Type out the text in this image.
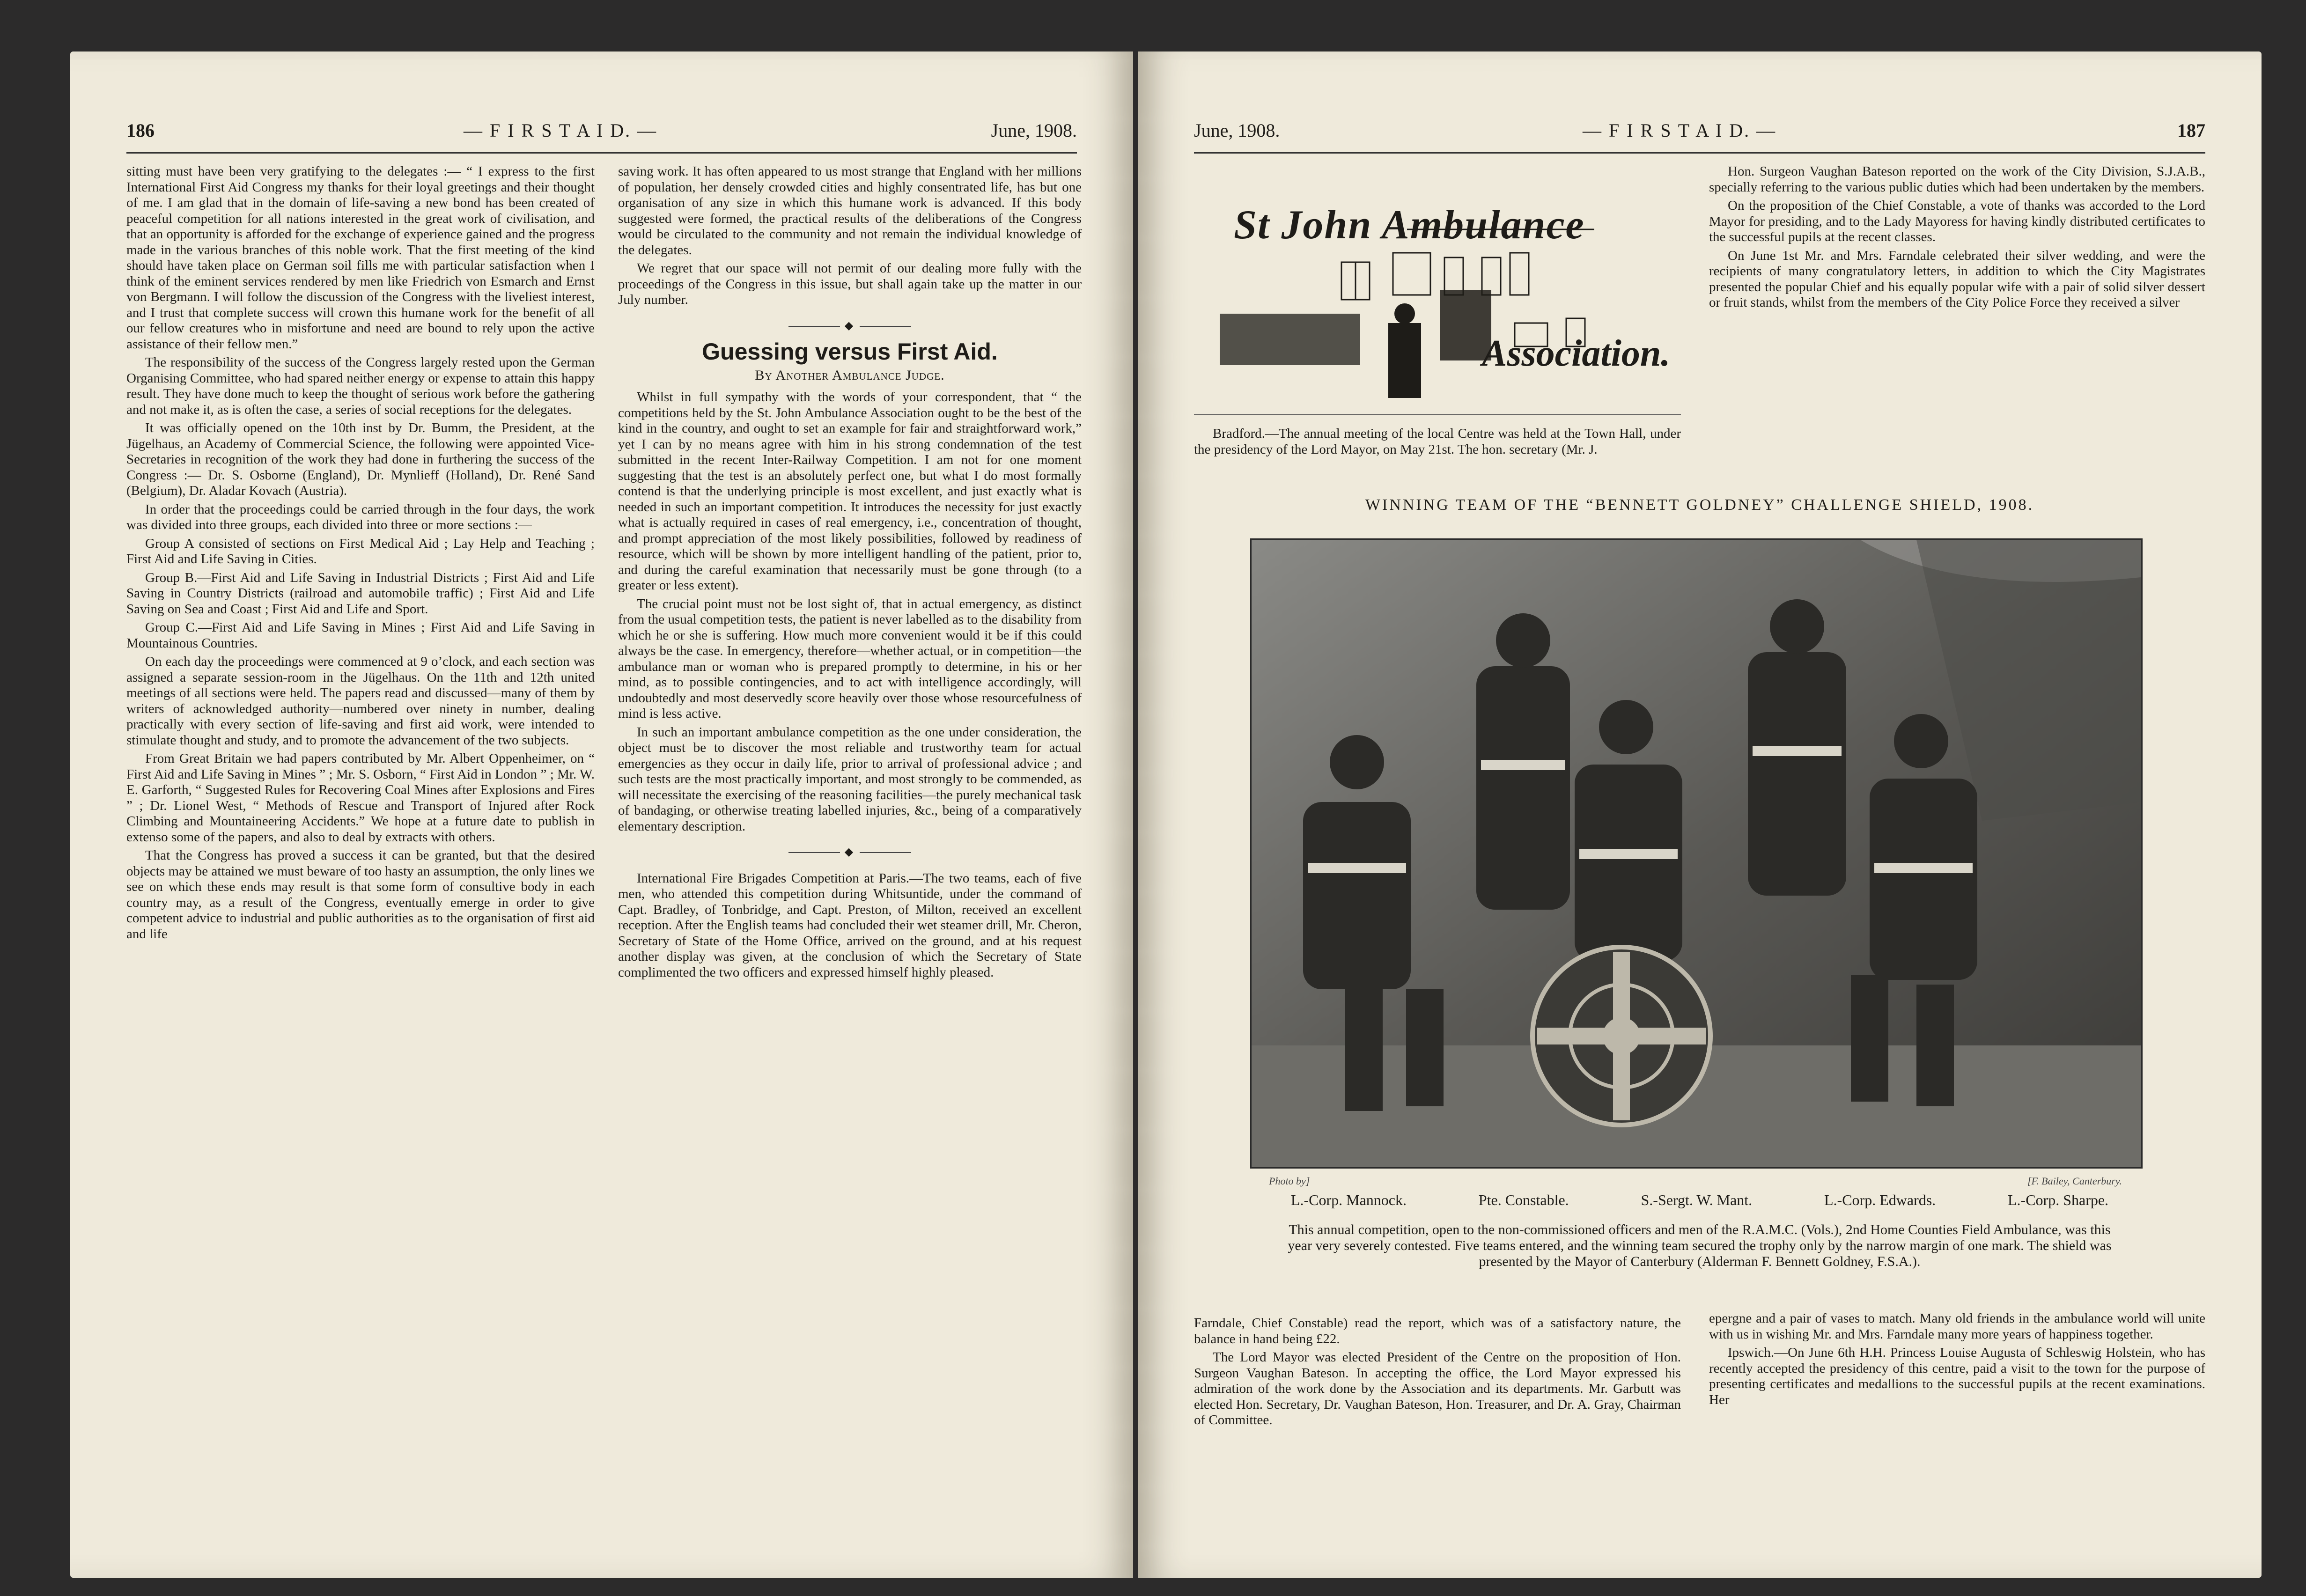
186	— F I R S T A I D. —	June, 1908.

sitting must have been very gratifying to the delegates :— “ I express to the first International First Aid Congress my thanks for their loyal greetings and their thought of me. I am glad that in the domain of life-saving a new bond has been created of peaceful competition for all nations interested in the great work of civilisation, and that an opportunity is afforded for the exchange of experience gained and the progress made in the various branches of this noble work. That the first meeting of the kind should have taken place on German soil fills me with particular satisfaction when I think of the eminent services rendered by men like Friedrich von Esmarch and Ernst von Bergmann. I will follow the discussion of the Congress with the liveliest interest, and I trust that complete success will crown this humane work for the benefit of all our fellow creatures who in misfortune and need are bound to rely upon the active assistance of their fellow men.”

The responsibility of the success of the Congress largely rested upon the German Organising Committee, who had spared neither energy or expense to attain this happy result. They have done much to keep the thought of serious work before the gathering and not make it, as is often the case, a series of social receptions for the delegates.

It was officially opened on the 10th inst by Dr. Bumm, the President, at the Jügelhaus, an Academy of Commercial Science, the following were appointed Vice-Secretaries in recognition of the work they had done in furthering the success of the Congress :— Dr. S. Osborne (England), Dr. Mynlieff (Holland), Dr. René Sand (Belgium), Dr. Aladar Kovach (Austria).

In order that the proceedings could be carried through in the four days, the work was divided into three groups, each divided into three or more sections :—

Group A consisted of sections on First Medical Aid ; Lay Help and Teaching ; First Aid and Life Saving in Cities.

Group B.—First Aid and Life Saving in Industrial Districts ; First Aid and Life Saving in Country Districts (railroad and automobile traffic) ; First Aid and Life Saving on Sea and Coast ; First Aid and Life and Sport.

Group C.—First Aid and Life Saving in Mines ; First Aid and Life Saving in Mountainous Countries.

On each day the proceedings were commenced at 9 o’clock, and each section was assigned a separate session-room in the Jügelhaus. On the 11th and 12th united meetings of all sections were held. The papers read and discussed—many of them by writers of acknowledged authority—numbered over ninety in number, dealing practically with every section of life-saving and first aid work, were intended to stimulate thought and study, and to promote the advancement of the two subjects.

From Great Britain we had papers contributed by Mr. Albert Oppenheimer, on “ First Aid and Life Saving in Mines ” ; Mr. S. Osborn, “ First Aid in London ” ; Mr. W. E. Garforth, “ Suggested Rules for Recovering Coal Mines after Explosions and Fires ” ; Dr. Lionel West, “ Methods of Rescue and Transport of Injured after Rock Climbing and Mountaineering Accidents.” We hope at a future date to publish in extenso some of the papers, and also to deal by extracts with others.

That the Congress has proved a success it can be granted, but that the desired objects may be attained we must beware of too hasty an assumption, the only lines we see on which these ends may result is that some form of consultive body in each country may, as a result of the Congress, eventually emerge in order to give competent advice to industrial and public authorities as to the organisation of first aid and life

saving work. It has often appeared to us most strange that England with her millions of population, her densely crowded cities and highly consentrated life, has but one organisation of any size in which this humane work is advanced. If this body suggested were formed, the practical results of the deliberations of the Congress would be circulated to the community and not remain the individual knowledge of the delegates.

We regret that our space will not permit of our dealing more fully with the proceedings of the Congress in this issue, but shall again take up the matter in our July number.

◆
Guessing versus First Aid.
By Another Ambulance Judge.

Whilst in full sympathy with the words of your correspondent, that “ the competitions held by the St. John Ambulance Association ought to be the best of the kind in the country, and ought to set an example for fair and straightforward work,” yet I can by no means agree with him in his strong condemnation of the test submitted in the recent Inter-Railway Competition. I am not for one moment suggesting that the test is an absolutely perfect one, but what I do most formally contend is that the underlying principle is most excellent, and just exactly what is needed in such an important competition. It introduces the necessity for just exactly what is actually required in cases of real emergency, i.e., concentration of thought, and prompt appreciation of the most likely possibilities, followed by readiness of resource, which will be shown by more intelligent handling of the patient, prior to, and during the careful examination that necessarily must be gone through (to a greater or less extent).

The crucial point must not be lost sight of, that in actual emergency, as distinct from the usual competition tests, the patient is never labelled as to the disability from which he or she is suffering. How much more convenient would it be if this could always be the case. In emergency, therefore—whether actual, or in competition—the ambulance man or woman who is prepared promptly to determine, in his or her mind, as to possible contingencies, and to act with intelligence accordingly, will undoubtedly and most deservedly score heavily over those whose resourcefulness of mind is less active.

In such an important ambulance competition as the one under consideration, the object must be to discover the most reliable and trustworthy team for actual emergencies as they occur in daily life, prior to arrival of professional advice ; and such tests are the most practically important, and most strongly to be commended, as will necessitate the exercising of the reasoning facilities—the purely mechanical task of bandaging, or otherwise treating labelled injuries, &c., being of a comparatively elementary description.

◆

International Fire Brigades Competition at Paris.—The two teams, each of five men, who attended this competition during Whitsuntide, under the command of Capt. Bradley, of Tonbridge, and Capt. Preston, of Milton, received an excellent reception. After the English teams had concluded their wet steamer drill, Mr. Cheron, Secretary of State of the Home Office, arrived on the ground, and at his request another display was given, at the conclusion of which the Secretary of State complimented the two officers and expressed himself highly pleased.

June, 1908.	— F I R S T A I D. —	187
St John Ambulance
Association.

Bradford.—The annual meeting of the local Centre was held at the Town Hall, under the presidency of the Lord Mayor, on May 21st. The hon. secretary (Mr. J.

Hon. Surgeon Vaughan Bateson reported on the work of the City Division, S.J.A.B., specially referring to the various public duties which had been undertaken by the members.

On the proposition of the Chief Constable, a vote of thanks was accorded to the Lord Mayor for presiding, and to the Lady Mayoress for having kindly distributed certificates to the successful pupils at the recent classes.

On June 1st Mr. and Mrs. Farndale celebrated their silver wedding, and were the recipients of many congratulatory letters, in addition to which the City Magistrates presented the popular Chief and his equally popular wife with a pair of solid silver dessert or fruit stands, whilst from the members of the City Police Force they received a silver

WINNING TEAM OF THE “BENNETT GOLDNEY” CHALLENGE SHIELD, 1908.
Photo by]	[F. Bailey, Canterbury.
L.-Corp. Mannock.	Pte. Constable.	S.-Sergt. W. Mant.	L.-Corp. Edwards.	L.-Corp. Sharpe.
This annual competition, open to the non-commissioned officers and men of the R.A.M.C. (Vols.), 2nd Home Counties Field Ambulance, was this year very severely contested. Five teams entered, and the winning team secured the trophy only by the narrow margin of one mark. The shield was presented by the Mayor of Canterbury (Alderman F. Bennett Goldney, F.S.A.).

Farndale, Chief Constable) read the report, which was of a satisfactory nature, the balance in hand being £22.

The Lord Mayor was elected President of the Centre on the proposition of Hon. Surgeon Vaughan Bateson. In accepting the office, the Lord Mayor expressed his admiration of the work done by the Association and its departments. Mr. Garbutt was elected Hon. Secretary, Dr. Vaughan Bateson, Hon. Treasurer, and Dr. A. Gray, Chairman of Committee.

epergne and a pair of vases to match. Many old friends in the ambulance world will unite with us in wishing Mr. and Mrs. Farndale many more years of happiness together.

Ipswich.—On June 6th H.H. Princess Louise Augusta of Schleswig Holstein, who has recently accepted the presidency of this centre, paid a visit to the town for the purpose of presenting certificates and medallions to the successful pupils at the recent examinations. Her
